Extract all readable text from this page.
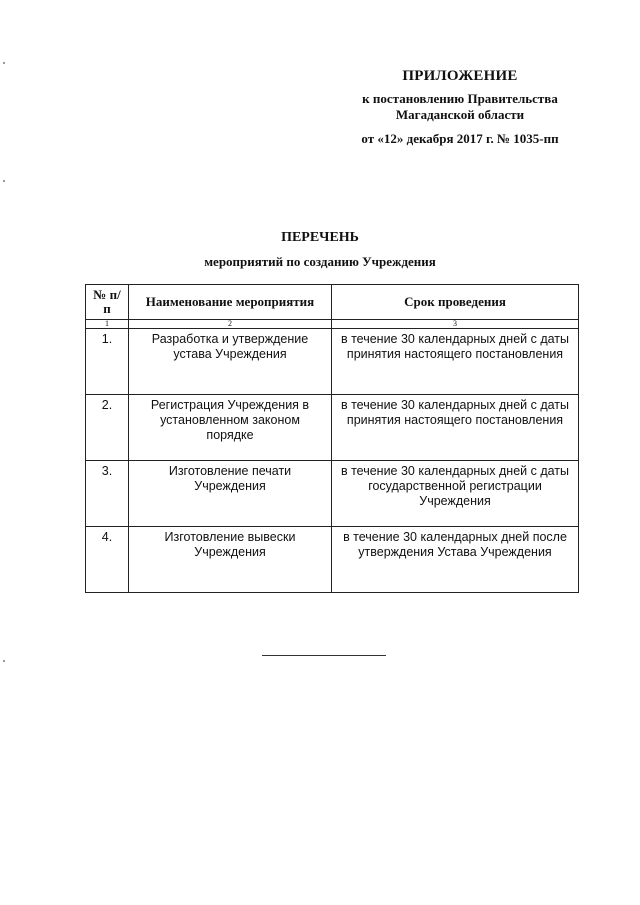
ПРИЛОЖЕНИЕ
к постановлению Правительства
Магаданской области
от «12» декабря 2017 г. № 1035-пп
ПЕРЕЧЕНЬ
мероприятий по созданию Учреждения
№ п/п	Наименование мероприятия	Срок проведения
1	2	3
1.	Разработка и утверждение устава Учреждения	в течение 30 календарных дней с даты принятия настоящего постановления
2.	Регистрация Учреждения в установленном законом порядке	в течение 30 календарных дней с даты принятия настоящего постановления
3.	Изготовление печати Учреждения	в течение 30 календарных дней с даты государственной регистрации Учреждения
4.	Изготовление вывески Учреждения	в течение 30 календарных дней после утверждения Устава Учреждения
